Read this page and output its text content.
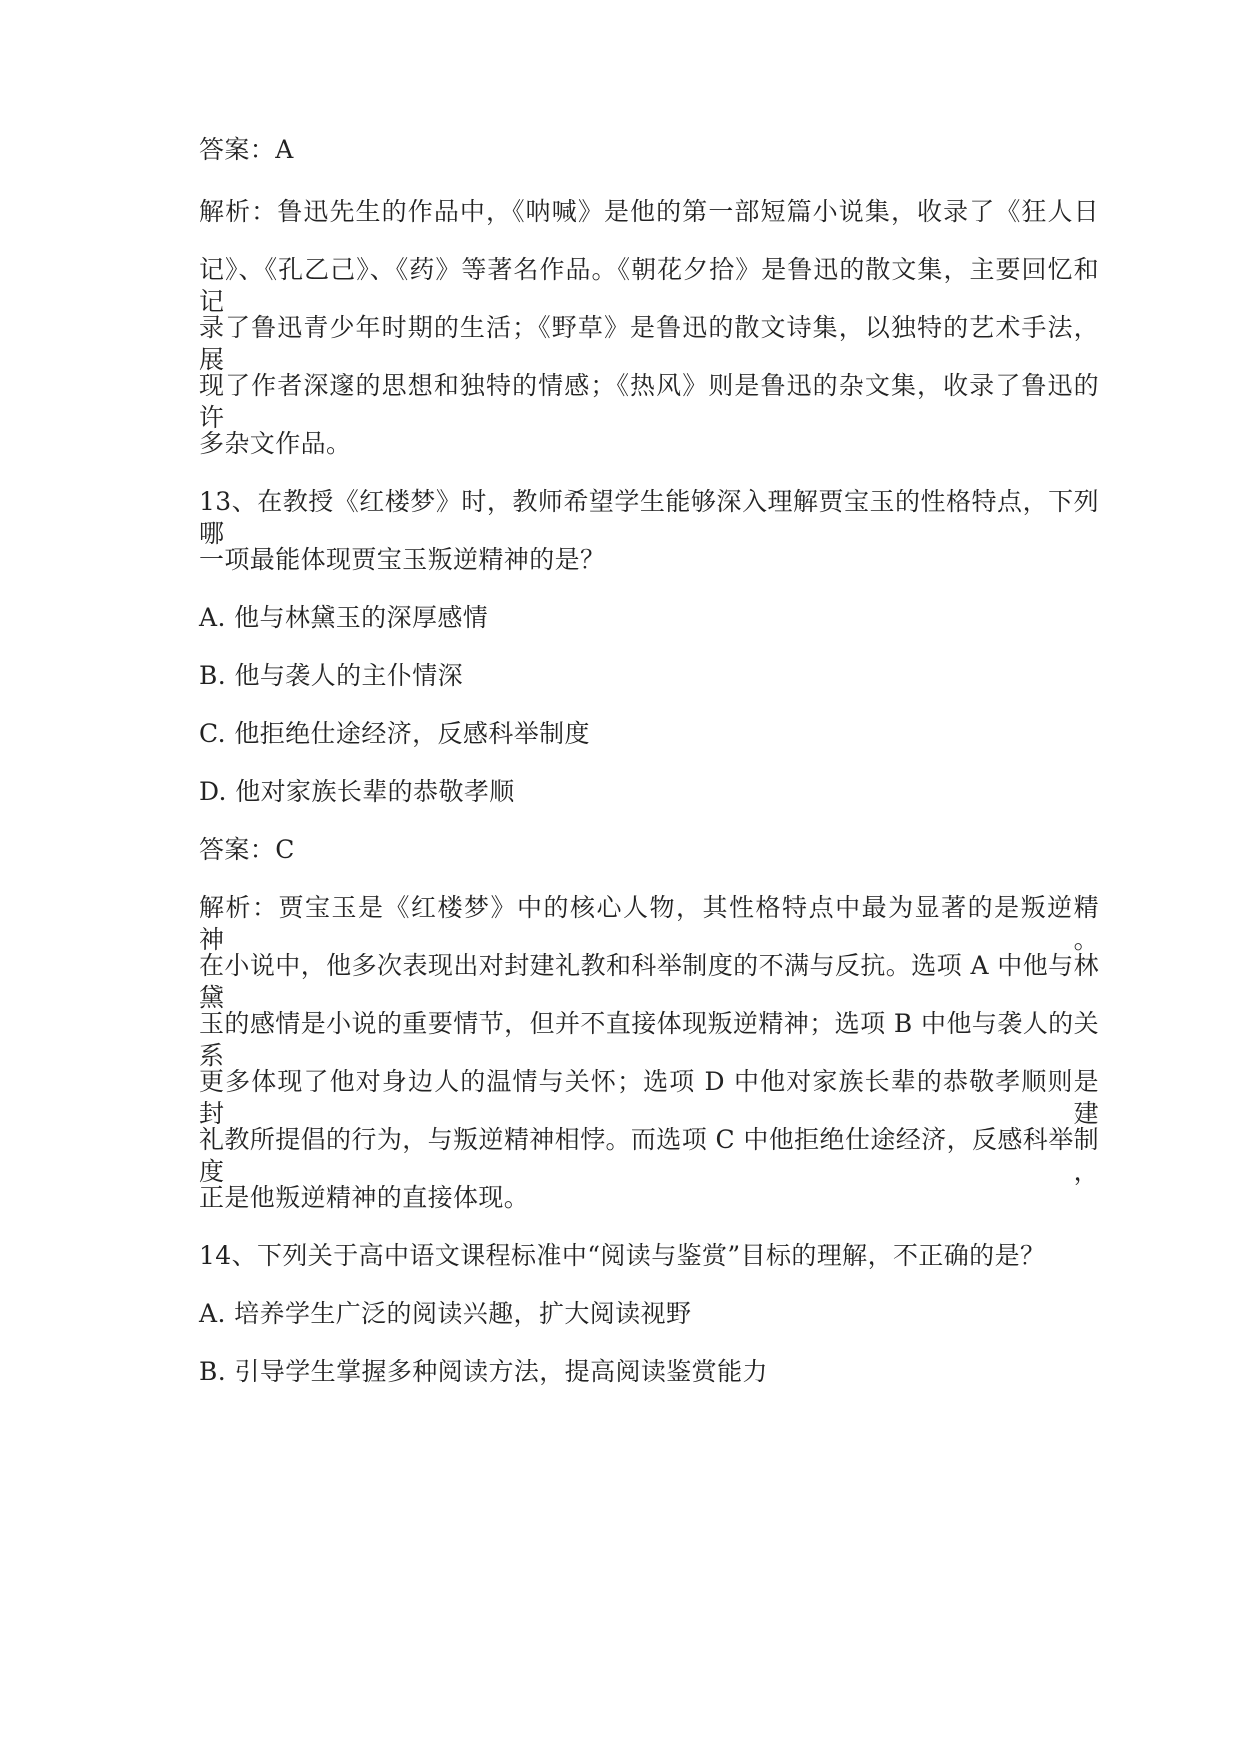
答案：A
解析：鲁迅先生的作品中，《呐喊》是他的第一部短篇小说集，收录了《狂人日
记》、《孔乙己》、《药》等著名作品。《朝花夕拾》是鲁迅的散文集，主要回忆和记
录了鲁迅青少年时期的生活；《野草》是鲁迅的散文诗集，以独特的艺术手法，展
现了作者深邃的思想和独特的情感；《热风》则是鲁迅的杂文集，收录了鲁迅的许
多杂文作品。
13、在教授《红楼梦》时，教师希望学生能够深入理解贾宝玉的性格特点，下列哪
一项最能体现贾宝玉叛逆精神的是？
A. 他与林黛玉的深厚感情
B. 他与袭人的主仆情深
C. 他拒绝仕途经济，反感科举制度
D. 他对家族长辈的恭敬孝顺
答案：C
解析：贾宝玉是《红楼梦》中的核心人物，其性格特点中最为显著的是叛逆精神。
在小说中，他多次表现出对封建礼教和科举制度的不满与反抗。选项 A 中他与林黛
玉的感情是小说的重要情节，但并不直接体现叛逆精神；选项 B 中他与袭人的关系
更多体现了他对身边人的温情与关怀；选项 D 中他对家族长辈的恭敬孝顺则是封建
礼教所提倡的行为，与叛逆精神相悖。而选项 C 中他拒绝仕途经济，反感科举制度，
正是他叛逆精神的直接体现。
14、下列关于高中语文课程标准中“阅读与鉴赏”目标的理解，不正确的是？
A. 培养学生广泛的阅读兴趣，扩大阅读视野
B. 引导学生掌握多种阅读方法，提高阅读鉴赏能力
